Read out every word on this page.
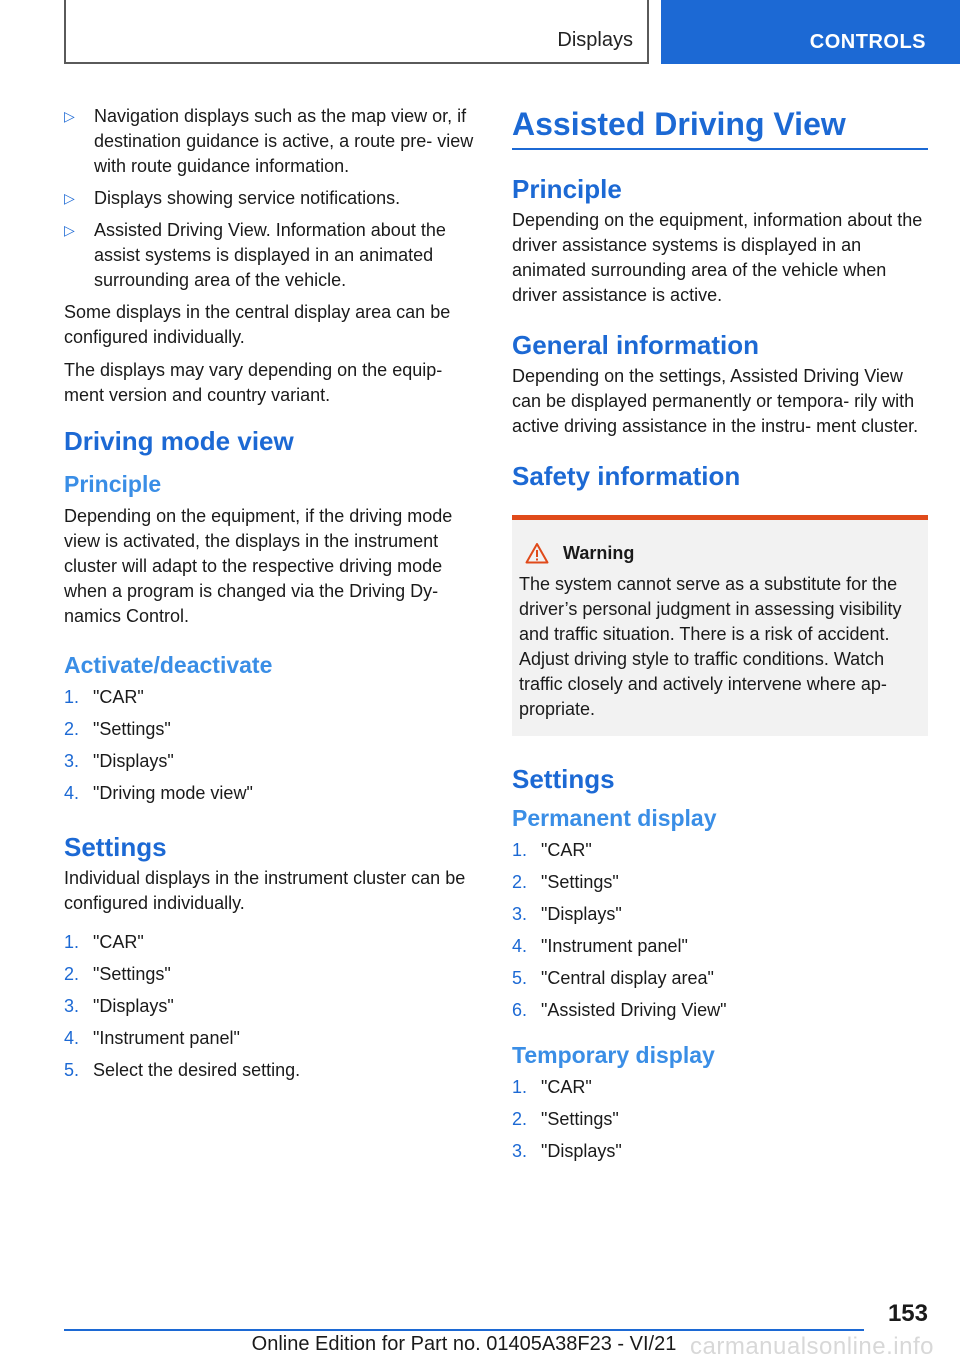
Displays	CONTROLS
▷ Navigation displays such as the map view or, if destination guidance is active, a route pre- view with route guidance information.
▷ Displays showing service notifications.
▷ Assisted Driving View. Information about the assist systems is displayed in an animated surrounding area of the vehicle.

Some displays in the central display area can be configured individually.

The displays may vary depending on the equip- ment version and country variant.

Driving mode view
Principle

Depending on the equipment, if the driving mode view is activated, the displays in the instrument cluster will adapt to the respective driving mode when a program is changed via the Driving Dy- namics Control.

Activate/deactivate
1. "CAR"
2. "Settings"
3. "Displays"
4. "Driving mode view"
Settings

Individual displays in the instrument cluster can be configured individually.

1. "CAR"
2. "Settings"
3. "Displays"
4. "Instrument panel"
5. Select the desired setting.
Assisted Driving View
Principle

Depending on the equipment, information about the driver assistance systems is displayed in an animated surrounding area of the vehicle when driver assistance is active.

General information

Depending on the settings, Assisted Driving View can be displayed permanently or tempora- rily with active driving assistance in the instru- ment cluster.

Safety information
Warning

The system cannot serve as a substitute for the driver’s personal judgment in assessing visibility and traffic situation. There is a risk of accident. Adjust driving style to traffic conditions. Watch traffic closely and actively intervene where ap- propriate.

Settings
Permanent display
1. "CAR"
2. "Settings"
3. "Displays"
4. "Instrument panel"
5. "Central display area"
6. "Assisted Driving View"
Temporary display
1. "CAR"
2. "Settings"
3. "Displays"
153
Online Edition for Part no. 01405A38F23 - VI/21 carmanualsonline.info
